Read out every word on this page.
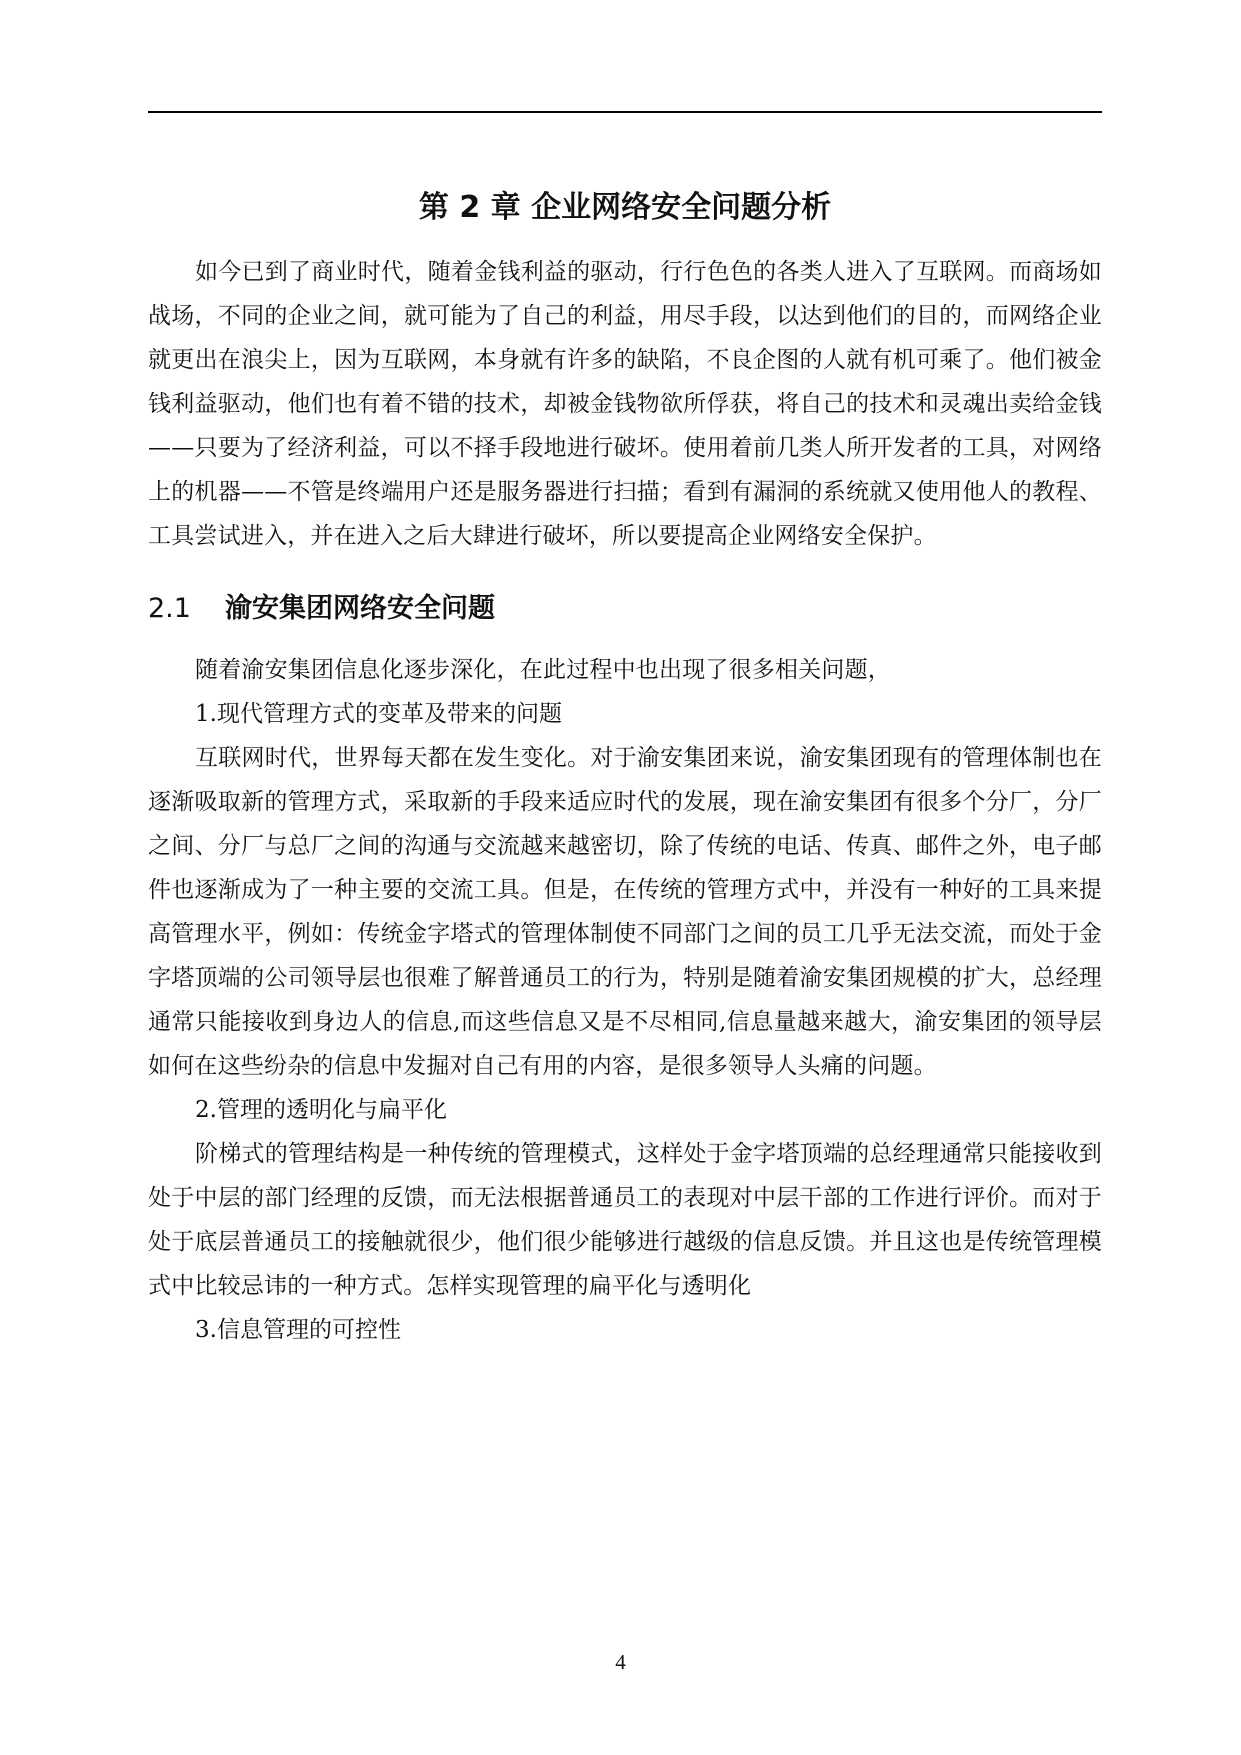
第 2 章 企业网络安全问题分析

如今已到了商业时代，随着金钱利益的驱动，行行色色的各类人进入了互联网。而商场如战场，不同的企业之间，就可能为了自己的利益，用尽手段，以达到他们的目的，而网络企业就更出在浪尖上，因为互联网，本身就有许多的缺陷，不良企图的人就有机可乘了。他们被金钱利益驱动，他们也有着不错的技术，却被金钱物欲所俘获，将自己的技术和灵魂出卖给金钱——只要为了经济利益，可以不择手段地进行破坏。使用着前几类人所开发者的工具，对网络上的机器——不管是终端用户还是服务器进行扫描；看到有漏洞的系统就又使用他人的教程、工具尝试进入，并在进入之后大肆进行破坏，所以要提高企业网络安全保护。

2.1 渝安集团网络安全问题

随着渝安集团信息化逐步深化，在此过程中也出现了很多相关问题，

1.现代管理方式的变革及带来的问题

互联网时代，世界每天都在发生变化。对于渝安集团来说，渝安集团现有的管理体制也在逐渐吸取新的管理方式，采取新的手段来适应时代的发展，现在渝安集团有很多个分厂，分厂之间、分厂与总厂之间的沟通与交流越来越密切，除了传统的电话、传真、邮件之外，电子邮件也逐渐成为了一种主要的交流工具。但是，在传统的管理方式中，并没有一种好的工具来提高管理水平，例如：传统金字塔式的管理体制使不同部门之间的员工几乎无法交流，而处于金字塔顶端的公司领导层也很难了解普通员工的行为，特别是随着渝安集团规模的扩大，总经理通常只能接收到身边人的信息,而这些信息又是不尽相同,信息量越来越大，渝安集团的领导层如何在这些纷杂的信息中发掘对自己有用的内容，是很多领导人头痛的问题。

2.管理的透明化与扁平化

阶梯式的管理结构是一种传统的管理模式，这样处于金字塔顶端的总经理通常只能接收到处于中层的部门经理的反馈，而无法根据普通员工的表现对中层干部的工作进行评价。而对于处于底层普通员工的接触就很少，他们很少能够进行越级的信息反馈。并且这也是传统管理模式中比较忌讳的一种方式。怎样实现管理的扁平化与透明化

3.信息管理的可控性

4
